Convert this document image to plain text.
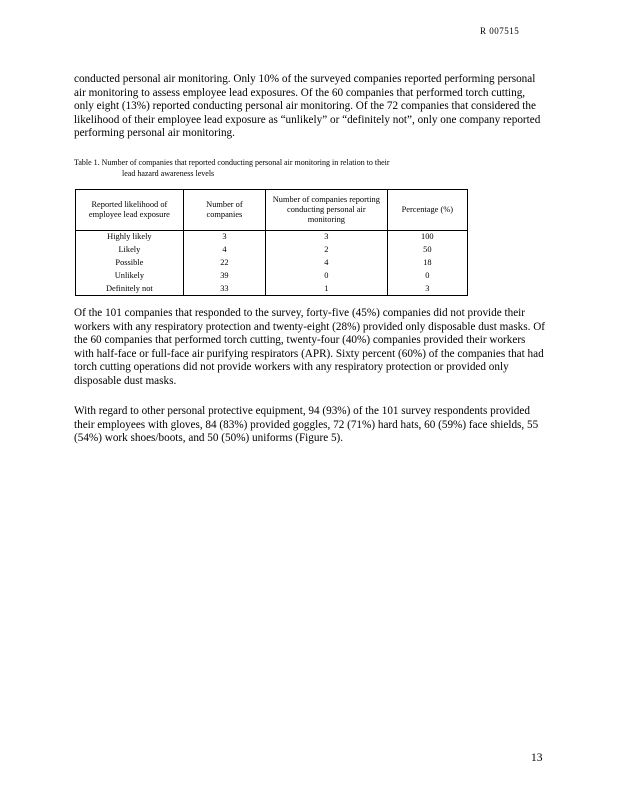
R 007515

conducted personal air monitoring. Only 10% of the surveyed companies reported performing personal air monitoring to assess employee lead exposures. Of the 60 companies that performed torch cutting, only eight (13%) reported conducting personal air monitoring. Of the 72 companies that considered the likelihood of their employee lead exposure as “unlikely” or “definitely not”, only one company reported performing personal air monitoring.

Table 1. Number of companies that reported conducting personal air monitoring in relation to their
lead hazard awareness levels
Reported likelihood of employee lead exposure	Number of companies	Number of companies reporting conducting personal air monitoring	Percentage (%)
Highly likely	3	3	100
Likely	4	2	50
Possible	22	4	18
Unlikely	39	0	0
Definitely not	33	1	3

Of the 101 companies that responded to the survey, forty-five (45%) companies did not provide their workers with any respiratory protection and twenty-eight (28%) provided only disposable dust masks. Of the 60 companies that performed torch cutting, twenty-four (40%) companies provided their workers with half-face or full-face air purifying respirators (APR). Sixty percent (60%) of the companies that had torch cutting operations did not provide workers with any respiratory protection or provided only disposable dust masks.

With regard to other personal protective equipment, 94 (93%) of the 101 survey respondents provided their employees with gloves, 84 (83%) provided goggles, 72 (71%) hard hats, 60 (59%) face shields, 55 (54%) work shoes/boots, and 50 (50%) uniforms (Figure 5).

13
